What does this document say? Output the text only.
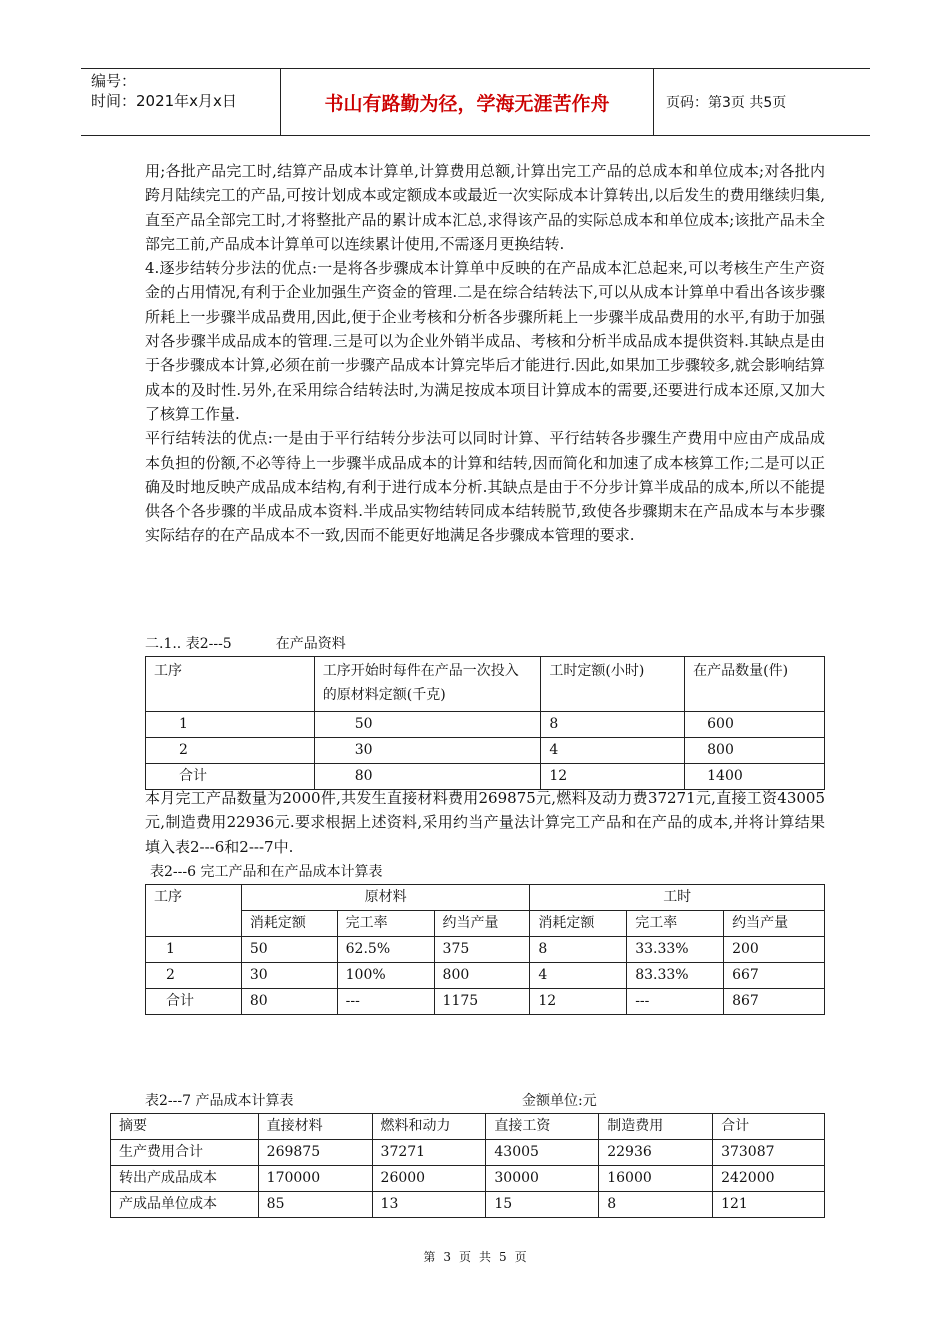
编号：
时间：2021年x月x日	书山有路勤为径，学海无涯苦作舟	页码：第3页 共5页

用;各批产品完工时,结算产品成本计算单,计算费用总额,计算出完工产品的总成本和单位成本;对各批内跨月陆续完工的产品,可按计划成本或定额成本或最近一次实际成本计算转出,以后发生的费用继续归集,直至产品全部完工时,才将整批产品的累计成本汇总,求得该产品的实际总成本和单位成本;该批产品未全部完工前,产品成本计算单可以连续累计使用,不需逐月更换结转.

4.逐步结转分步法的优点:一是将各步骤成本计算单中反映的在产品成本汇总起来,可以考核生产生产资金的占用情况,有利于企业加强生产资金的管理.二是在综合结转法下,可以从成本计算单中看出各该步骤所耗上一步骤半成品费用,因此,便于企业考核和分析各步骤所耗上一步骤半成品费用的水平,有助于加强对各步骤半成品成本的管理.三是可以为企业外销半成品、考核和分析半成品成本提供资料.其缺点是由于各步骤成本计算,必须在前一步骤产品成本计算完毕后才能进行.因此,如果加工步骤较多,就会影响结算成本的及时性.另外,在采用综合结转法时,为满足按成本项目计算成本的需要,还要进行成本还原,又加大了核算工作量.

平行结转法的优点:一是由于平行结转分步法可以同时计算、平行结转各步骤生产费用中应由产成品成本负担的份额,不必等待上一步骤半成品成本的计算和结转,因而简化和加速了成本核算工作;二是可以正确及时地反映产成品成本结构,有利于进行成本分析.其缺点是由于不分步计算半成品的成本,所以不能提供各个各步骤的半成品成本资料.半成品实物结转同成本结转脱节,致使各步骤期末在产品成本与本步骤实际结存的在产品成本不一致,因而不能更好地满足各步骤成本管理的要求.

二.1.. 表2---5	在产品资料
工序	工序开始时每件在产品一次投入的原材料定额(千克)	工时定额(小时)	在产品数量(件)
1	50	8	600
2	30	4	800
合计	80	12	1400
本月完工产品数量为2000件,共发生直接材料费用269875元,燃料及动力费37271元,直接工资43005元,制造费用22936元.要求根据上述资料,采用约当产量法计算完工产品和在产品的成本,并将计算结果填入表2---6和2---7中.
表2---6 完工产品和在产品成本计算表
工序	原材料			工时		
	消耗定额	完工率	约当产量	消耗定额	完工率	约当产量
1	50	62.5%	375	8	33.33%	200
2	30	100%	800	4	83.33%	667
合计	80	---	1175	12	---	867
表2---7 产品成本计算表	金额单位:元
摘要	直接材料	燃料和动力	直接工资	制造费用	合计
生产费用合计	269875	37271	43005	22936	373087
转出产成品成本	170000	26000	30000	16000	242000
产成品单位成本	85	13	15	8	121
第 3 页 共 5 页
